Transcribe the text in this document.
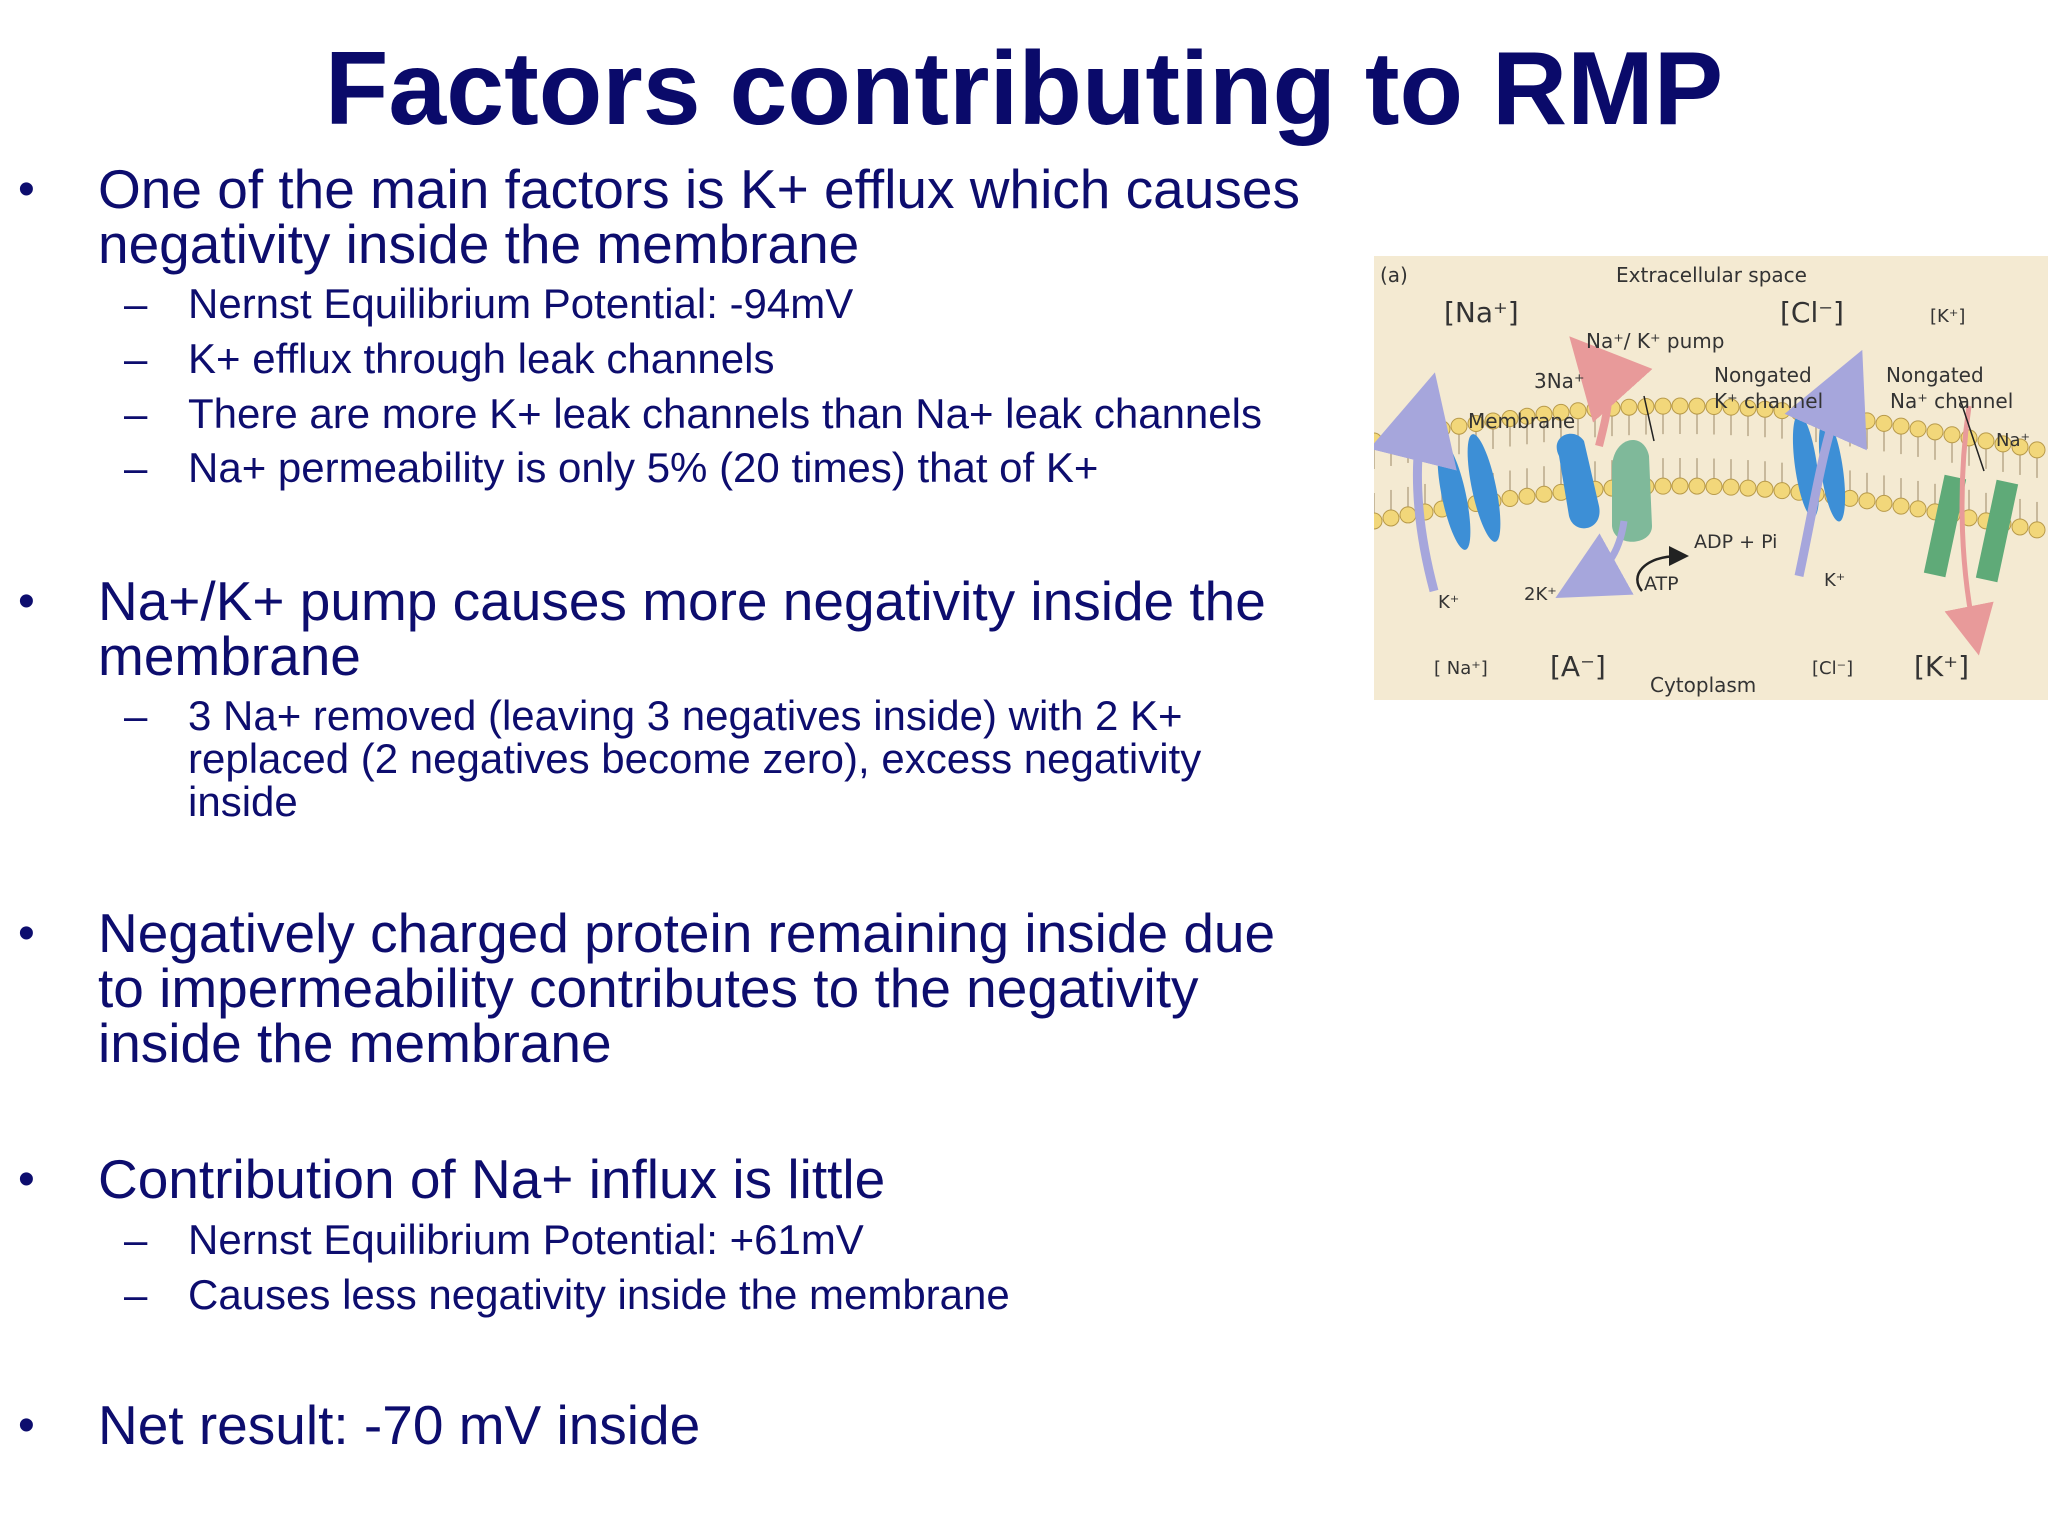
Factors contributing to RMP
• One of the main factors is K+ efflux which causes
negativity inside the membrane
– Nernst Equilibrium Potential: -94mV
– K+ efflux through leak channels
– There are more K+ leak channels than Na+ leak channels
– Na+ permeability is only 5% (20 times) that of K+
• Na+/K+ pump causes more negativity inside the
membrane
– 3 Na+ removed (leaving 3 negatives inside) with 2 K+
replaced (2 negatives become zero), excess negativity
inside
• Negatively charged protein remaining inside due
to impermeability contributes to the negativity
inside the membrane
• Contribution of Na+ influx is little
– Nernst Equilibrium Potential: +61mV
– Causes less negativity inside the membrane
• Net result: -70 mV inside
(a)	Extracellular space
[Na⁺]	[Cl⁻]	[K⁺]
Na⁺/ K⁺ pump
3Na⁺	Nongated
K⁺ channel
Nongated
Na⁺ channel
Membrane
Na⁺
ADP + Pi
ATP	K⁺
2K⁺
K⁺
[ Na⁺] [A⁻]
Cytoplasm
[Cl⁻] [K⁺]
